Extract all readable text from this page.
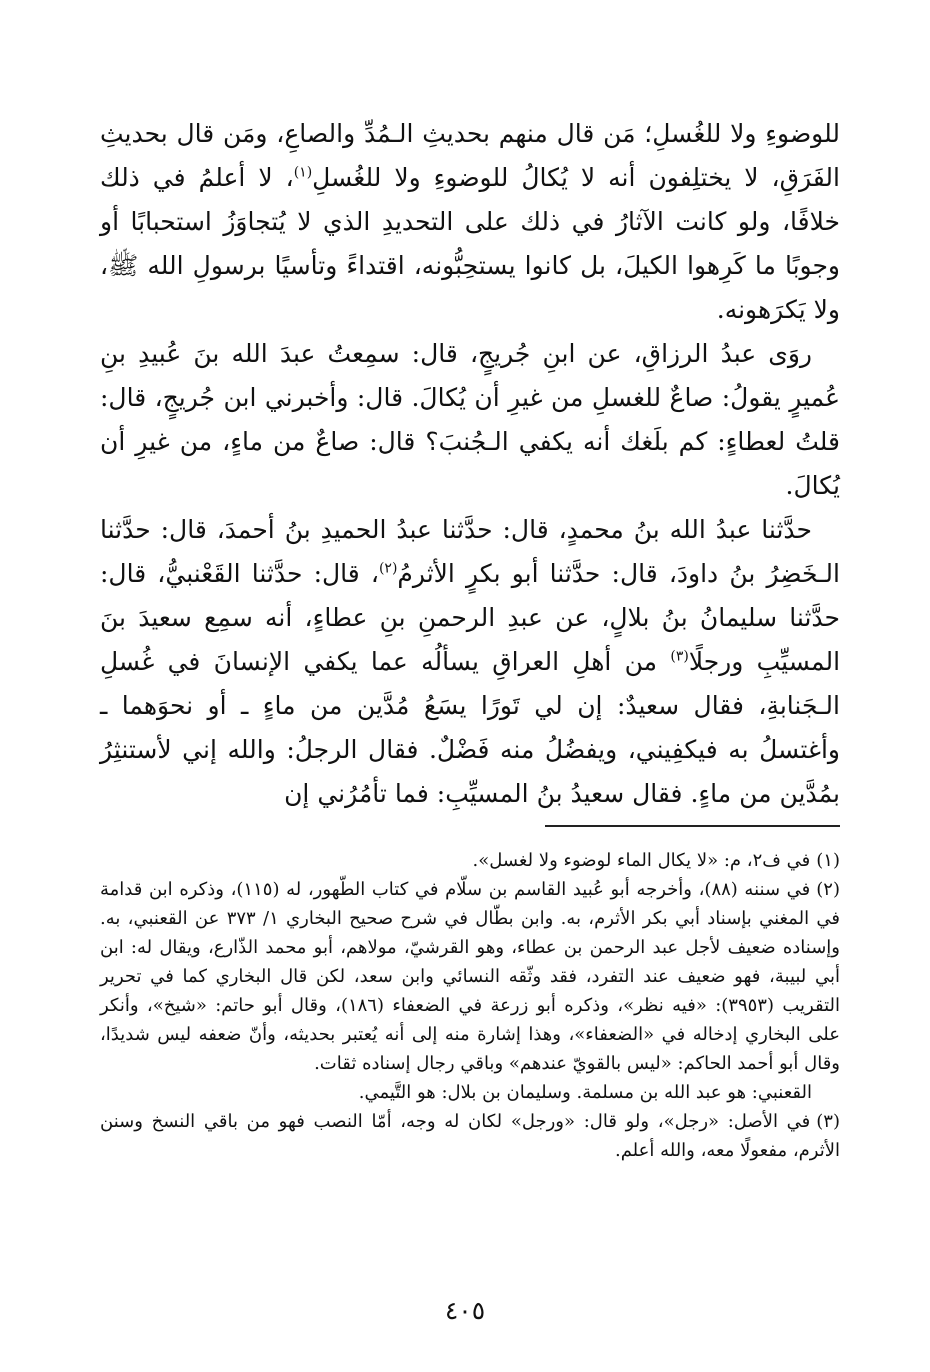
للوضوءِ ولا للغُسلِ؛ مَن قال منهم بحديثِ الـمُدِّ والصاعِ، ومَن قال بحديثِ الفَرَقِ، لا يختلِفون أنه لا يُكالُ للوضوءِ ولا للغُسلِ$^{(١)}$، لا أعلمُ في ذلك خلافًا، ولو كانت الآثارُ في ذلك على التحديدِ الذي لا يُتجاوَزُ استحبابًا أو وجوبًا ما كَرِهوا الكيلَ، بل كانوا يستحِبُّونه، اقتداءً وتأسيًا برسولِ الله ﷺ، ولا يَكرَهونه.

روَى عبدُ الرزاقِ، عن ابنِ جُريجٍ، قال: سمِعتُ عبدَ الله بنَ عُبيدِ بنِ عُميرٍ يقولُ: صاعٌ للغسلِ من غيرِ أن يُكالَ. قال: وأخبرني ابن جُريجٍ، قال: قلتُ لعطاءٍ: كم بلَغك أنه يكفي الـجُنبَ؟ قال: صاعٌ من ماءٍ، من غيرِ أن يُكالَ.

حدَّثنا عبدُ الله بنُ محمدٍ، قال: حدَّثنا عبدُ الحميدِ بنُ أحمدَ، قال: حدَّثنا الـخَضِرُ بنُ داودَ، قال: حدَّثنا أبو بكرٍ الأثرمُ$^{(٢)}$، قال: حدَّثنا القَعْنبيُّ، قال: حدَّثنا سليمانُ بنُ بلالٍ، عن عبدِ الرحمنِ بنِ عطاءٍ، أنه سمِع سعيدَ بنَ المسيِّبِ ورجلًا$^{(٣)}$ من أهلِ العراقِ يسألُه عما يكفي الإنسانَ في غُسلِ الـجَنابةِ، فقال سعيدٌ: إن لي تَورًا يسَعُ مُدَّين من ماءٍ ـ أو نحوَهما ـ وأغتسلُ به فيكفِيني، ويفضُلُ منه فَضْلٌ. فقال الرجلُ: والله إني لأستنثِرُ بمُدَّين من ماءٍ. فقال سعيدُ بنُ المسيِّبِ: فما تأمُرُني إن

(١)في ف٢، م: «لا يكال الماء لوضوء ولا لغسل».

(٢)في سننه (٨٨)، وأخرجه أبو عُبيد القاسم بن سلّام في كتاب الطّهور، له (١١٥)، وذكره ابن قدامة في المغني بإسناد أبي بكر الأثرم، به. وابن بطّال في شرح صحيح البخاري ١/ ٣٧٣ عن القعنبي، به. وإسناده ضعيف لأجل عبد الرحمن بن عطاء، وهو القرشيّ، مولاهم، أبو محمد الذّارع، ويقال له: ابن أبي لبيبة، فهو ضعيف عند التفرد، فقد وثّقه النسائي وابن سعد، لكن قال البخاري كما في تحرير التقريب (٣٩٥٣): «فيه نظر»، وذكره أبو زرعة في الضعفاء (١٨٦)، وقال أبو حاتم: «شيخ»، وأنكر على البخاري إدخاله في «الضعفاء»، وهذا إشارة منه إلى أنه يُعتبر بحديثه، وأنّ ضعفه ليس شديدًا، وقال أبو أحمد الحاكم: «ليس بالقويّ عندهم» وباقي رجال إسناده ثقات.

القعنبي: هو عبد الله بن مسلمة. وسليمان بن بلال: هو التَّيمي.

(٣)في الأصل: «رجل»، ولو قال: «ورجل» لكان له وجه، أمّا النصب فهو من باقي النسخ وسنن الأثرم، مفعولًا معه، والله أعلم.

٤٠٥
